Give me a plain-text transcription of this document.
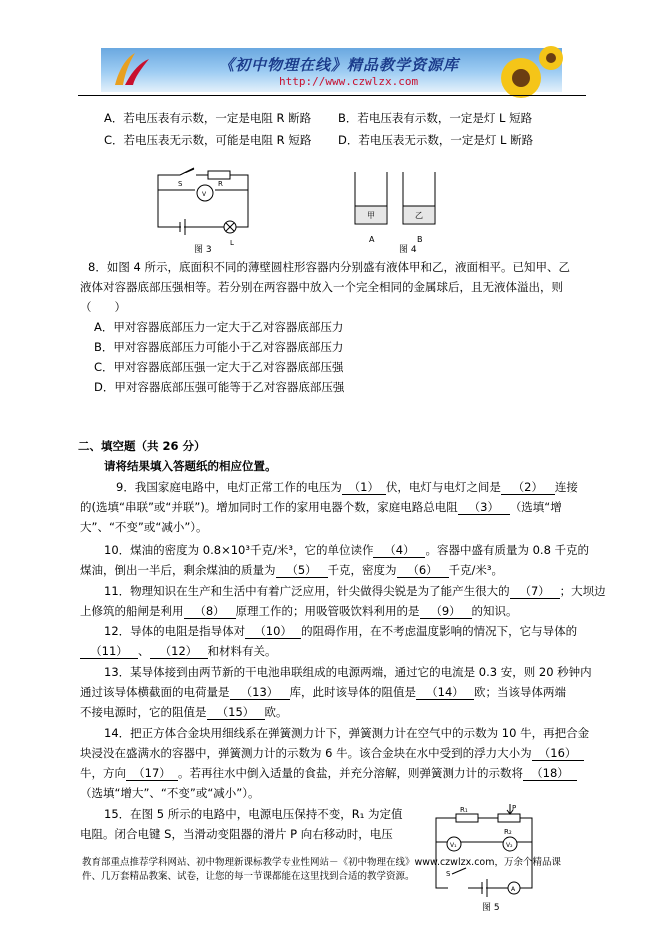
《初中物理在线》精品教学资源库
http://www.czwlzx.com
A．若电压表有示数，一定是电阻 R 断路 B．若电压表有示数，一定是灯 L 短路
C．若电压表无示数，可能是电阻 R 短路 D．若电压表无示数，一定是灯 L 断路
S	R
V
L
图 3
甲	乙
A	B
图 4
8．如图 4 所示，底面积不同的薄壁圆柱形容器内分别盛有液体甲和乙，液面相平。已知甲、乙
液体对容器底部压强相等。若分别在两容器中放入一个完全相同的金属球后，且无液体溢出，则
（　　）
A．甲对容器底部压力一定大于乙对容器底部压力
B．甲对容器底部压力可能小于乙对容器底部压力
C．甲对容器底部压强一定大于乙对容器底部压强
D．甲对容器底部压强可能等于乙对容器底部压强
二、填空题（共 26 分）
请将结果填入答题纸的相应位置。
9．我国家庭电路中，电灯正常工作的电压为 （1） 伏，电灯与电灯之间是 （2） 连接
的(选填“串联”或“并联”)。增加同时工作的家用电器个数，家庭电路总电阻 （3） （选填“增
大”、“不变”或“减小”）。
10．煤油的密度为 0.8×10³千克/米³，它的单位读作 （4） 。容器中盛有质量为 0.8 千克的
煤油，倒出一半后，剩余煤油的质量为 （5） 千克，密度为 （6） 千克/米³。
11．物理知识在生产和生活中有着广泛应用，针尖做得尖锐是为了能产生很大的 （7） ；大坝边
上修筑的船闸是利用 （8） 原理工作的；用吸管吸饮料利用的是 （9） 的知识。
12．导体的电阻是指导体对 （10） 的阻碍作用，在不考虑温度影响的情况下，它与导体的
（11） 、 （12） 和材料有关。
13．某导体接到由两节新的干电池串联组成的电源两端，通过它的电流是 0.3 安，则 20 秒钟内
通过该导体横截面的电荷量是 （13） 库，此时该导体的阻值是 （14） 欧；当该导体两端
不接电源时，它的阻值是 （15） 欧。
14．把正方体合金块用细线系在弹簧测力计下，弹簧测力计在空气中的示数为 10 牛，再把合金
块浸没在盛满水的容器中，弹簧测力计的示数为 6 牛。该合金块在水中受到的浮力大小为 （16）
牛，方向 （17） 。若再往水中倒入适量的食盐，并充分溶解，则弹簧测力计的示数将 （18）
（选填“增大”、“不变”或“减小”）。
15．在图 5 所示的电路中，电源电压保持不变，R₁ 为定值
电阻。闭合电键 S，当滑动变阻器的滑片 P 向右移动时，电压
R₁	P
R₂
V₁	V₂
S
A
图 5
教育部重点推荐学科网站、初中物理新课标教学专业性网站－《初中物理在线》www.czwlzx.com，万余个精品课
件、几万套精品教案、试卷，让您的每一节课都能在这里找到合适的教学资源。
